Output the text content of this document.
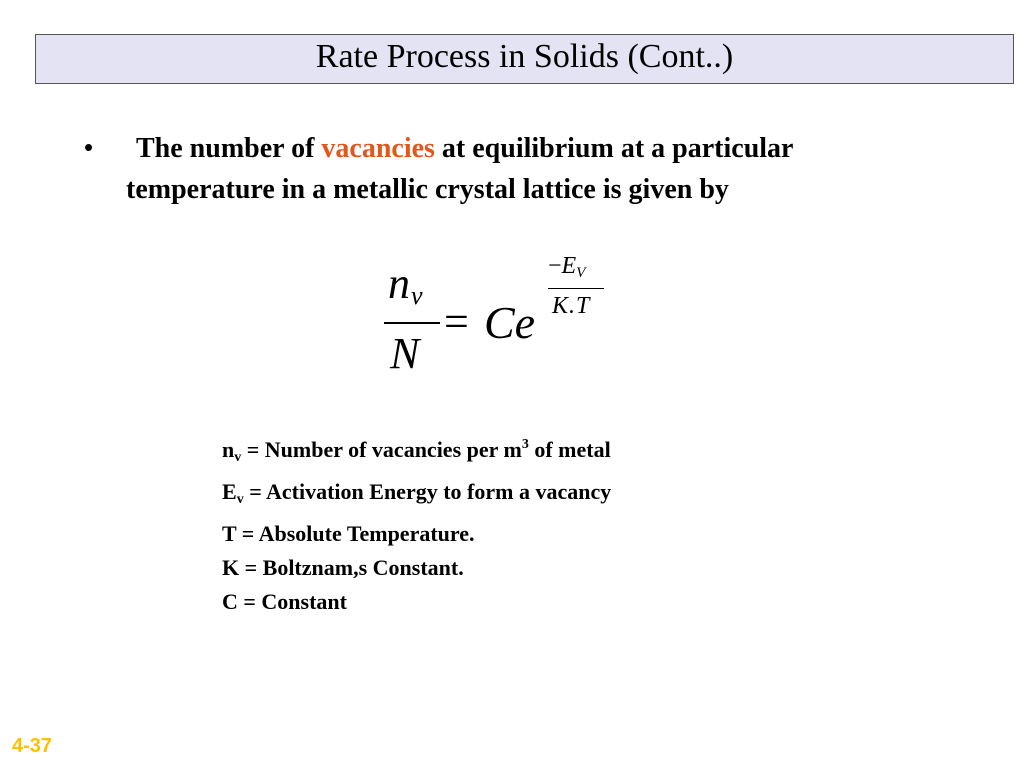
Rate Process in Solids (Cont..)
•	The number of vacancies at equilibrium at a particular
temperature in a metallic crystal lattice is given by
nv
N
= Ce
−EV
K.T
nv = Number of vacancies per $m^3$ of metal
Ev = Activation Energy to form a vacancy
T = Absolute Temperature.
K = Boltznam,s Constant.
C = Constant
4-37
